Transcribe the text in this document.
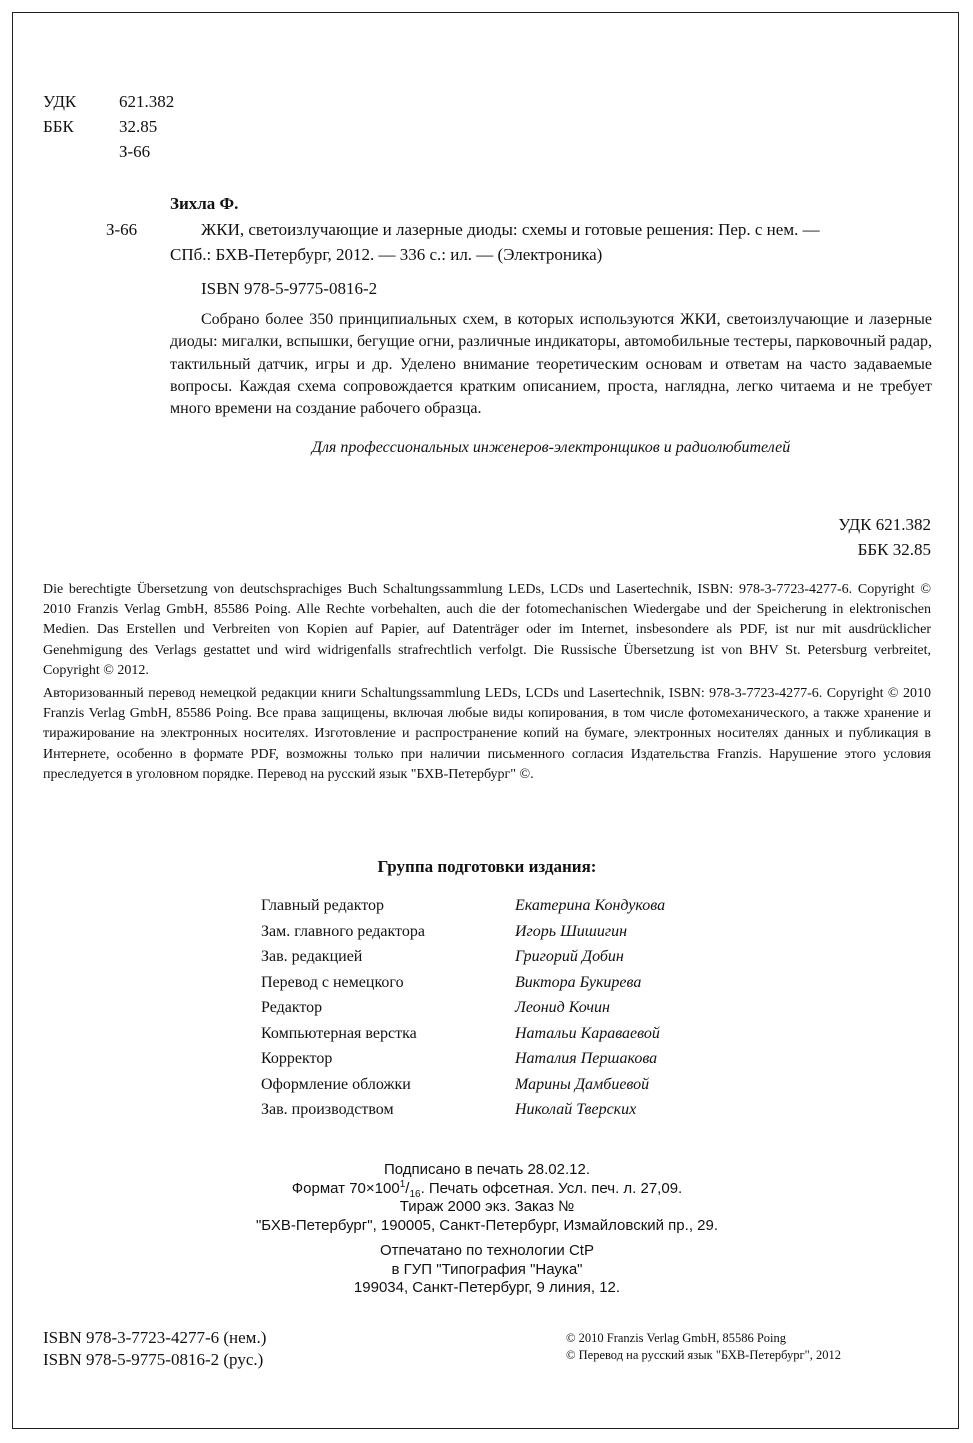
УДК	621.382
ББК	32.85
З-66
Зихла Ф.
З-66	ЖКИ, светоизлучающие и лазерные диоды: схемы и готовые решения: Пер. с нем. —
СПб.: БХВ-Петербург, 2012. — 336 с.: ил. — (Электроника)
ISBN 978-5-9775-0816-2
Собрано более 350 принципиальных схем, в которых используются ЖКИ, светоизлучающие и лазерные диоды: мигалки, вспышки, бегущие огни, различные индикаторы, автомобильные тестеры, парковочный радар, тактильный датчик, игры и др. Уделено внимание теоретическим основам и ответам на часто задаваемые вопросы. Каждая схема сопровождается кратким описанием, проста, наглядна, легко читаема и не требует много времени на создание рабочего образца.
Для профессиональных инженеров-электронщиков и радиолюбителей
УДК 621.382
ББК 32.85
Die berechtigte Übersetzung von deutschsprachiges Buch Schaltungssammlung LEDs, LCDs und Lasertechnik, ISBN: 978-3-7723-4277-6. Copyright © 2010 Franzis Verlag GmbH, 85586 Poing. Alle Rechte vorbehalten, auch die der fotomechanischen Wiedergabe und der Speicherung in elektronischen Medien. Das Erstellen und Verbreiten von Kopien auf Papier, auf Datenträger oder im Internet, insbesondere als PDF, ist nur mit ausdrücklicher Genehmigung des Verlags gestattet und wird widrigenfalls strafrechtlich verfolgt. Die Russische Übersetzung ist von BHV St. Petersburg verbreitet, Copyright © 2012.
Авторизованный перевод немецкой редакции книги Schaltungssammlung LEDs, LCDs und Lasertechnik, ISBN: 978-3-7723-4277-6. Copyright © 2010 Franzis Verlag GmbH, 85586 Poing. Все права защищены, включая любые виды копирования, в том числе фотомеханического, а также хранение и тиражирование на электронных носителях. Изготовление и распространение копий на бумаге, электронных носителях данных и публикация в Интернете, особенно в формате PDF, возможны только при наличии письменного согласия Издательства Franzis. Нарушение этого условия преследуется в уголовном порядке. Перевод на русский язык "БХВ-Петербург" ©.
Группа подготовки издания:
Главный редактор	Екатерина Кондукова
Зам. главного редактора	Игорь Шишигин
Зав. редакцией	Григорий Добин
Перевод с немецкого	Виктора Букирева
Редактор	Леонид Кочин
Компьютерная верстка	Натальи Караваевой
Корректор	Наталия Першакова
Оформление обложки	Марины Дамбиевой
Зав. производством	Николай Тверских
Подписано в печать 28.02.12.
Формат $70\times 100^1/_{16}$. Печать офсетная. Усл. печ. л. 27,09.
Тираж 2000 экз. Заказ №
"БХВ-Петербург", 190005, Санкт-Петербург, Измайловский пр., 29.
Отпечатано по технологии CtP
в ГУП "Типография "Наука"
199034, Санкт-Петербург, 9 линия, 12.
ISBN 978-3-7723-4277-6 (нем.)
ISBN 978-5-9775-0816-2 (рус.)
© 2010 Franzis Verlag GmbH, 85586 Poing
© Перевод на русский язык "БХВ-Петербург", 2012
